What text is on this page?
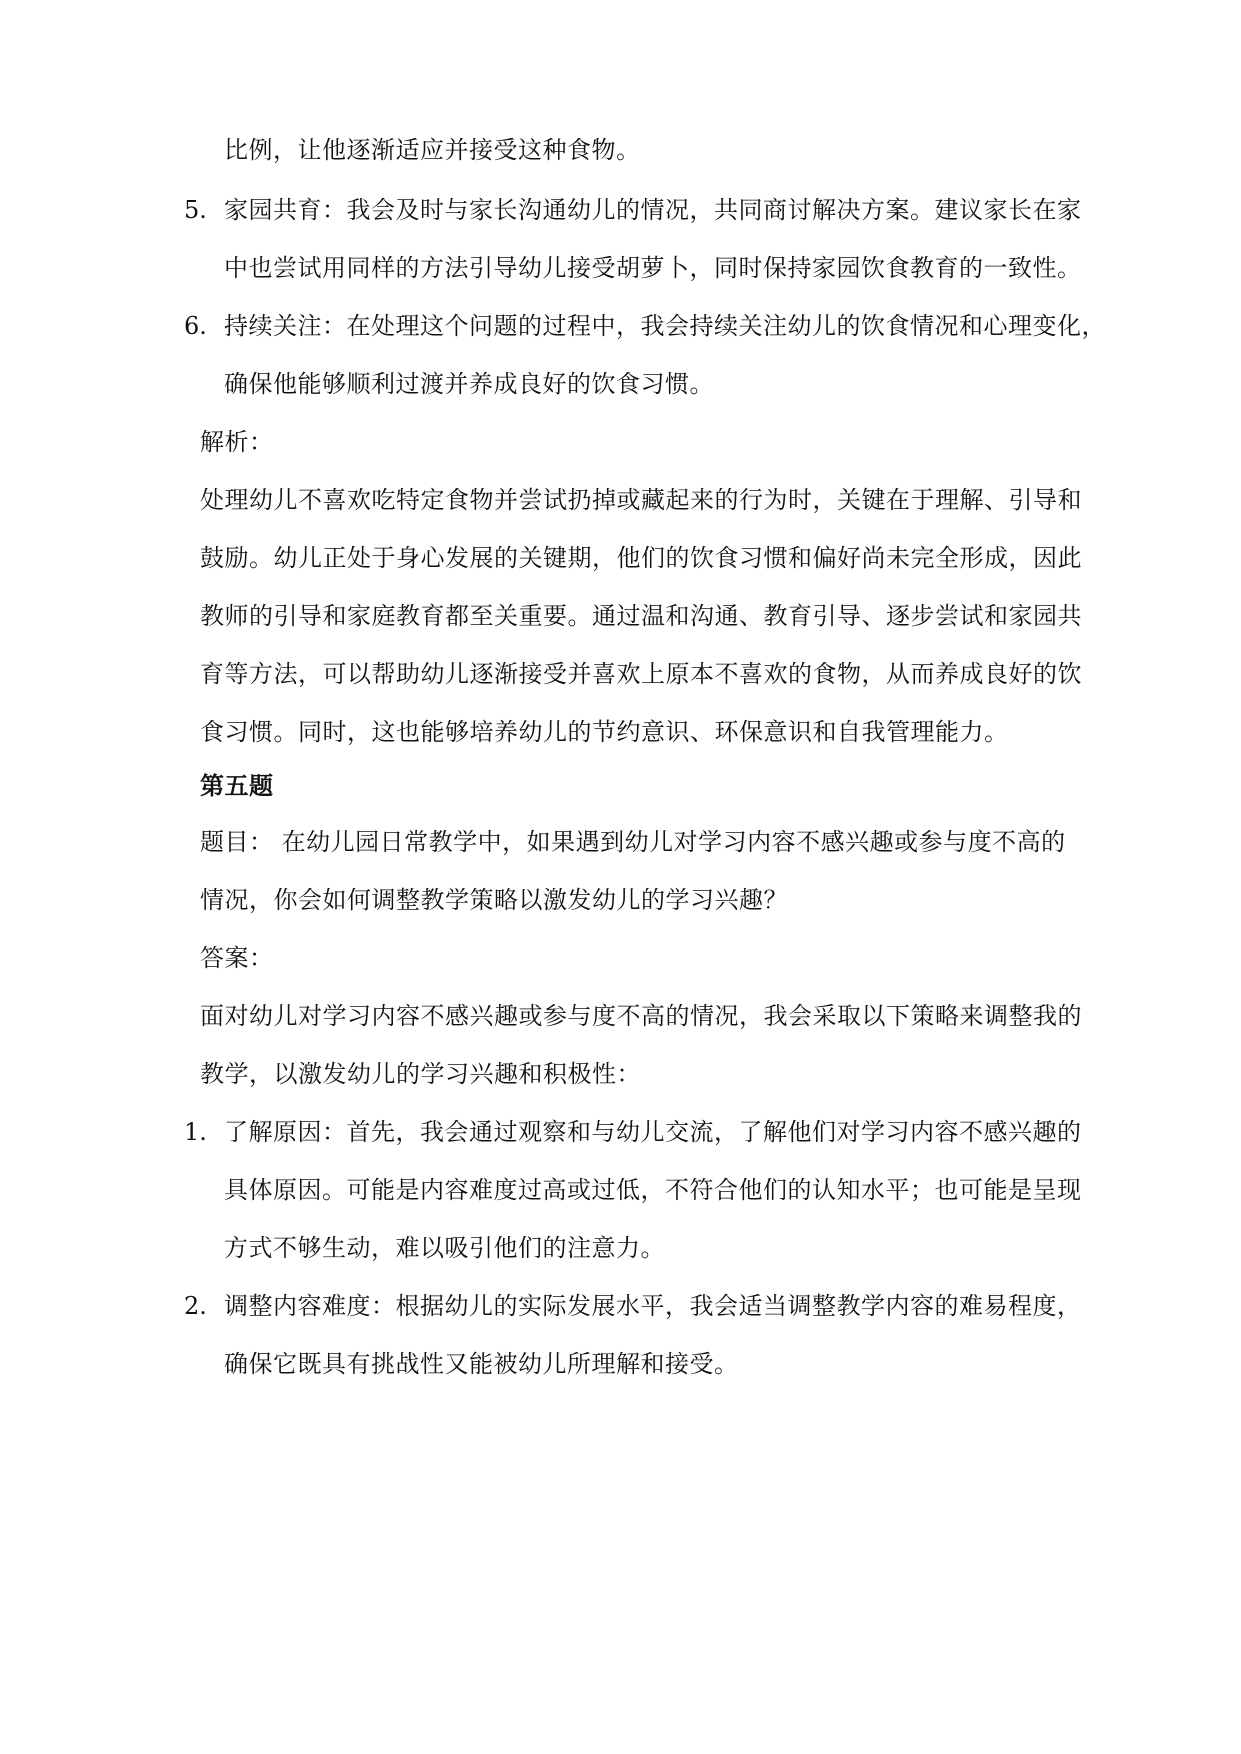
比例，让他逐渐适应并接受这种食物。
5. 家园共育：我会及时与家长沟通幼儿的情况，共同商讨解决方案。建议家长在家
中也尝试用同样的方法引导幼儿接受胡萝卜，同时保持家园饮食教育的一致性。
6. 持续关注：在处理这个问题的过程中，我会持续关注幼儿的饮食情况和心理变化，
确保他能够顺利过渡并养成良好的饮食习惯。
解析：
处理幼儿不喜欢吃特定食物并尝试扔掉或藏起来的行为时，关键在于理解、引导和
鼓励。幼儿正处于身心发展的关键期，他们的饮食习惯和偏好尚未完全形成，因此
教师的引导和家庭教育都至关重要。通过温和沟通、教育引导、逐步尝试和家园共
育等方法，可以帮助幼儿逐渐接受并喜欢上原本不喜欢的食物，从而养成良好的饮
食习惯。同时，这也能够培养幼儿的节约意识、环保意识和自我管理能力。
第五题
题目： 在幼儿园日常教学中，如果遇到幼儿对学习内容不感兴趣或参与度不高的
情况，你会如何调整教学策略以激发幼儿的学习兴趣？
答案：
面对幼儿对学习内容不感兴趣或参与度不高的情况，我会采取以下策略来调整我的
教学，以激发幼儿的学习兴趣和积极性：
1. 了解原因：首先，我会通过观察和与幼儿交流，了解他们对学习内容不感兴趣的
具体原因。可能是内容难度过高或过低，不符合他们的认知水平；也可能是呈现
方式不够生动，难以吸引他们的注意力。
2. 调整内容难度：根据幼儿的实际发展水平，我会适当调整教学内容的难易程度，
确保它既具有挑战性又能被幼儿所理解和接受。
